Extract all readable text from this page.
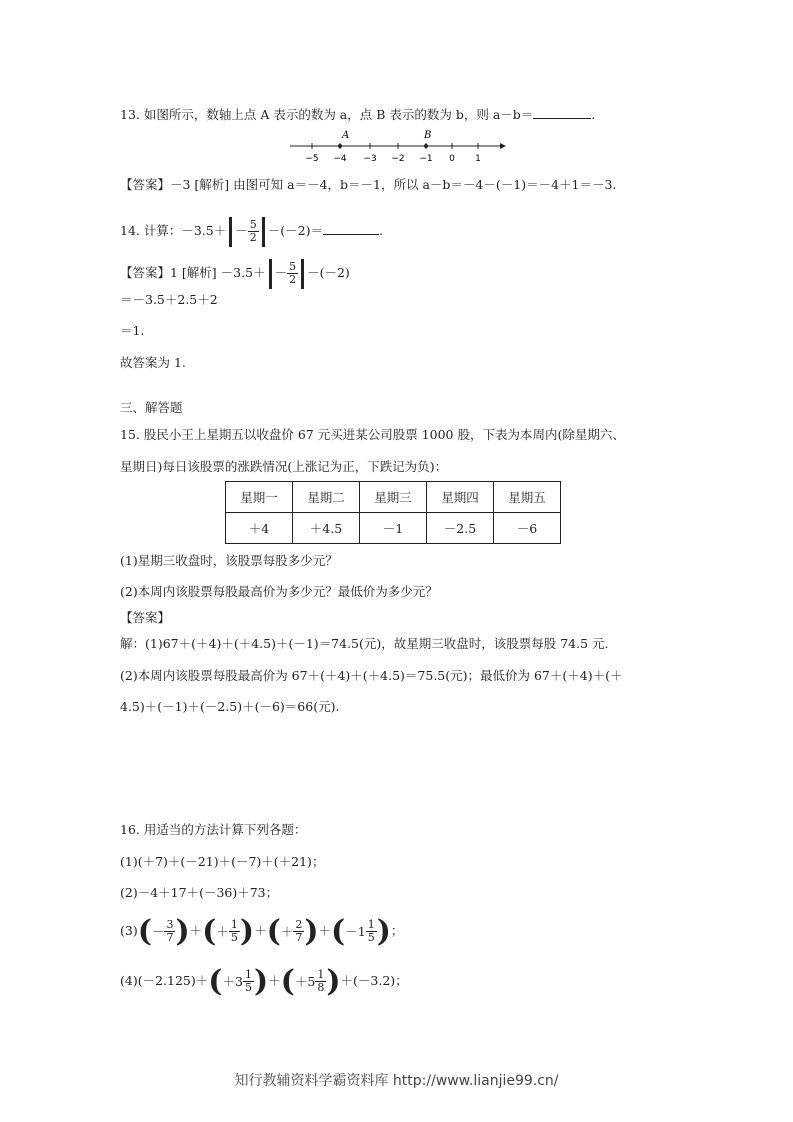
13. 如图所示，数轴上点 A 表示的数为 a，点 B 表示的数为 b，则 a－b＝	.
−5 −4 −3 −2 −1 0 1
A	B
【答案】－3 [解析] 由图可知 a＝－4，b＝－1，所以 a－b＝－4－(－1)＝－4＋1＝－3.
14. 计算：$-3.5+ - \frac{5}{2} -(-2)=$	.
【答案】1 [解析] $-3.5+ - \frac{5}{2} -(-2)$
＝－3.5＋2.5＋2
＝1.
故答案为 1.
三、解答题
15. 股民小王上星期五以收盘价 67 元买进某公司股票 1000 股，下表为本周内(除星期六、
星期日)每日该股票的涨跌情况(上涨记为正，下跌记为负)：
星期一	星期二	星期三	星期四	星期五
＋4	＋4.5	－1	－2.5	－6
(1)星期三收盘时，该股票每股多少元？
(2)本周内该股票每股最高价为多少元？最低价为多少元？
【答案】
解：(1)67＋(＋4)＋(＋4.5)＋(－1)＝74.5(元)，故星期三收盘时，该股票每股 74.5 元.
(2)本周内该股票每股最高价为 67＋(＋4)＋(＋4.5)＝75.5(元)；最低价为 67＋(＋4)＋(＋
4.5)＋(－1)＋(－2.5)＋(－6)＝66(元).
16. 用适当的方法计算下列各题：
(1)(＋7)＋(－21)＋(－7)＋(＋21)；
(2)－4＋17＋(－36)＋73；
(3) ( － $\frac{3}{7}$ ) ＋ ( ＋ $\frac{1}{5}$ ) ＋ ( ＋ $\frac{2}{7}$ ) ＋ ( － $1 \frac{1}{5}$ ) ；
(4)(－2.125)＋ ( ＋ $3 \frac{1}{5}$ ) ＋ ( ＋ $5 \frac{1}{8}$ ) ＋(－3.2)；
知行教辅资料学霸资料库 http://www.lianjie99.cn/
